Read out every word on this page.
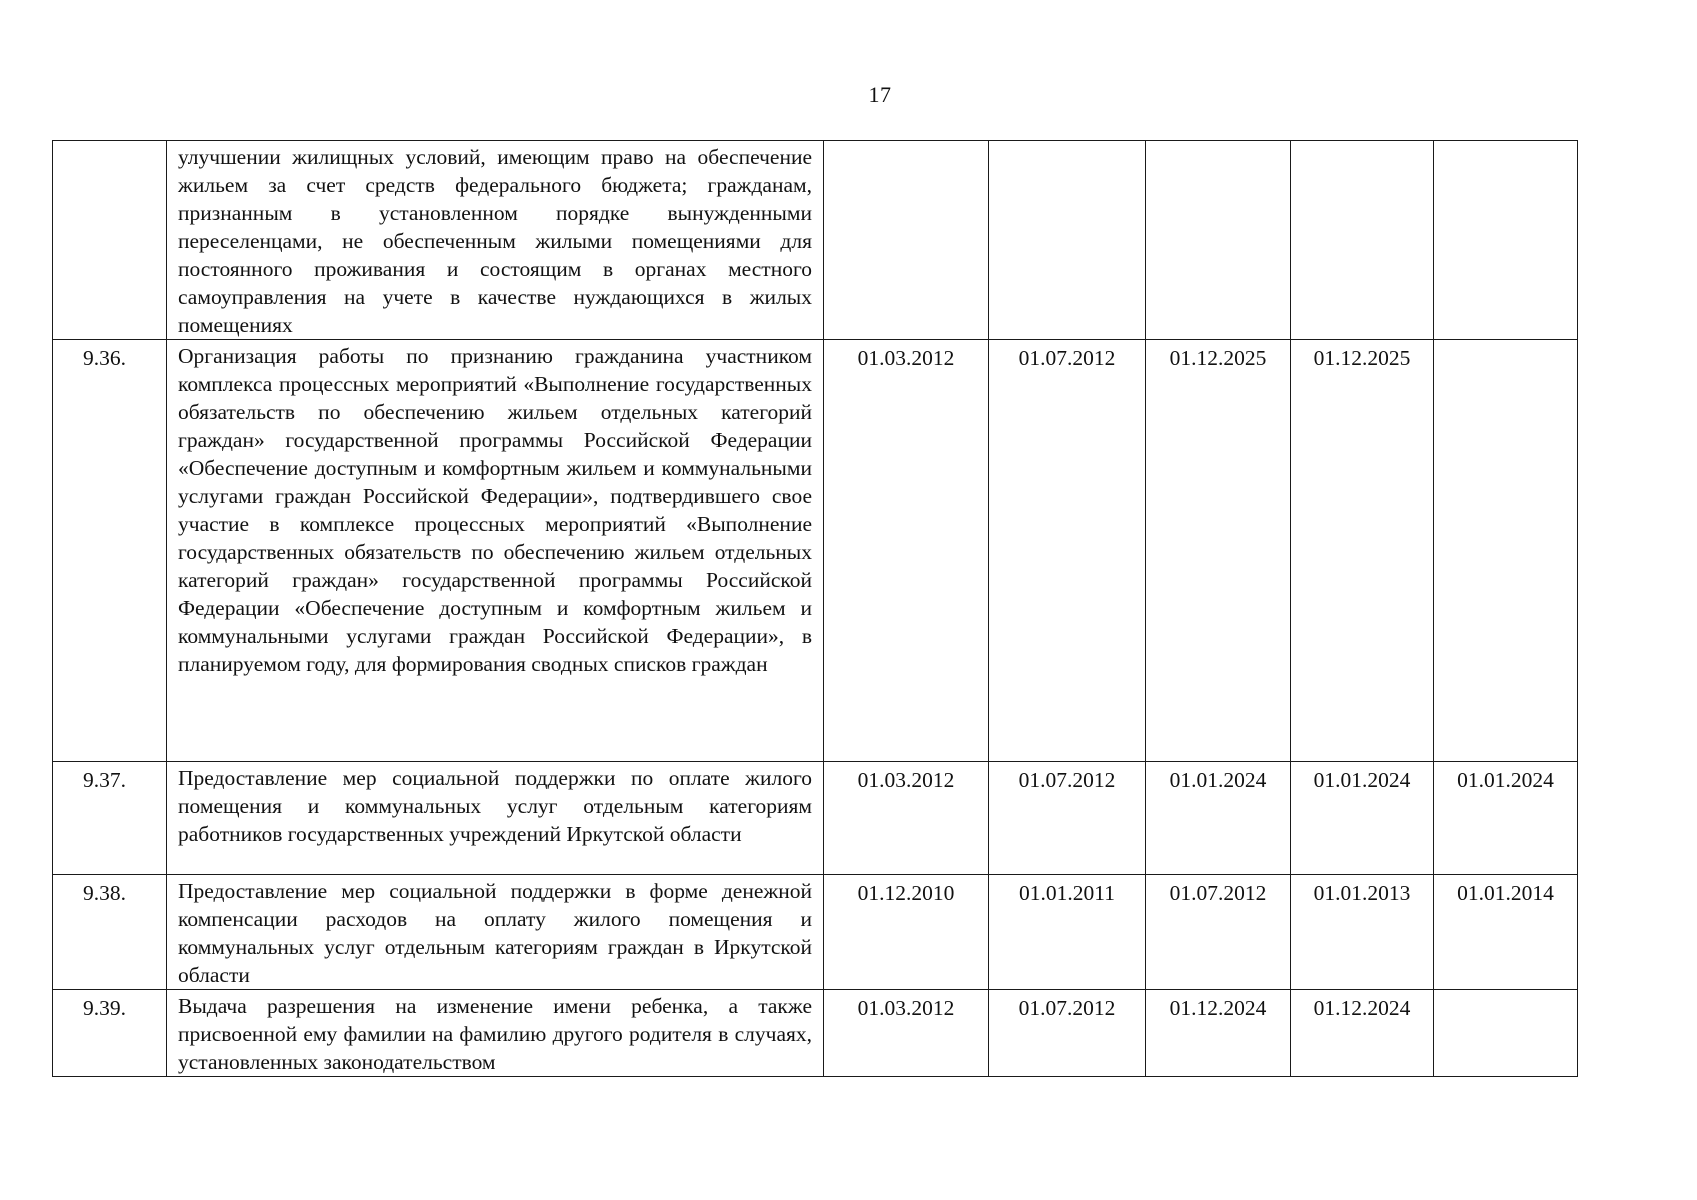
17

	улучшении жилищных условий, имеющим право на обеспечение жильем за счет средств федерального бюджета; гражданам, признанным в установленном порядке вынужденными переселенцами, не обеспеченным жилыми помещениями для постоянного проживания и состоящим в органах местного самоуправления на учете в качестве нуждающихся в жилых помещениях					

9.36.	Организация работы по признанию гражданина участником комплекса процессных мероприятий «Выполнение государственных обязательств по обеспечению жильем отдельных категорий граждан» государственной программы Российской Федерации «Обеспечение доступным и комфортным жильем и коммунальными услугами граждан Российской Федерации», подтвердившего свое участие в комплексе процессных мероприятий «Выполнение государственных обязательств по обеспечению жильем отдельных категорий граждан» государственной программы Российской Федерации «Обеспечение доступным и комфортным жильем и коммунальными услугами граждан Российской Федерации», в планируемом году, для формирования сводных списков граждан	01.03.2012	01.07.2012	01.12.2025	01.12.2025	
9.37.	Предоставление мер социальной поддержки по оплате жилого помещения и коммунальных услуг отдельным категориям работников государственных учреждений Иркутской области	01.03.2012	01.07.2012	01.01.2024	01.01.2024	01.01.2024
9.38.	Предоставление мер социальной поддержки в форме денежной компенсации расходов на оплату жилого помещения и коммунальных услуг отдельным категориям граждан в Иркутской области	01.12.2010	01.01.2011	01.07.2012	01.01.2013	01.01.2014
9.39.	Выдача разрешения на изменение имени ребенка, а также присвоенной ему фамилии на фамилию другого родителя в случаях, установленных законодательством	01.03.2012	01.07.2012	01.12.2024	01.12.2024	
